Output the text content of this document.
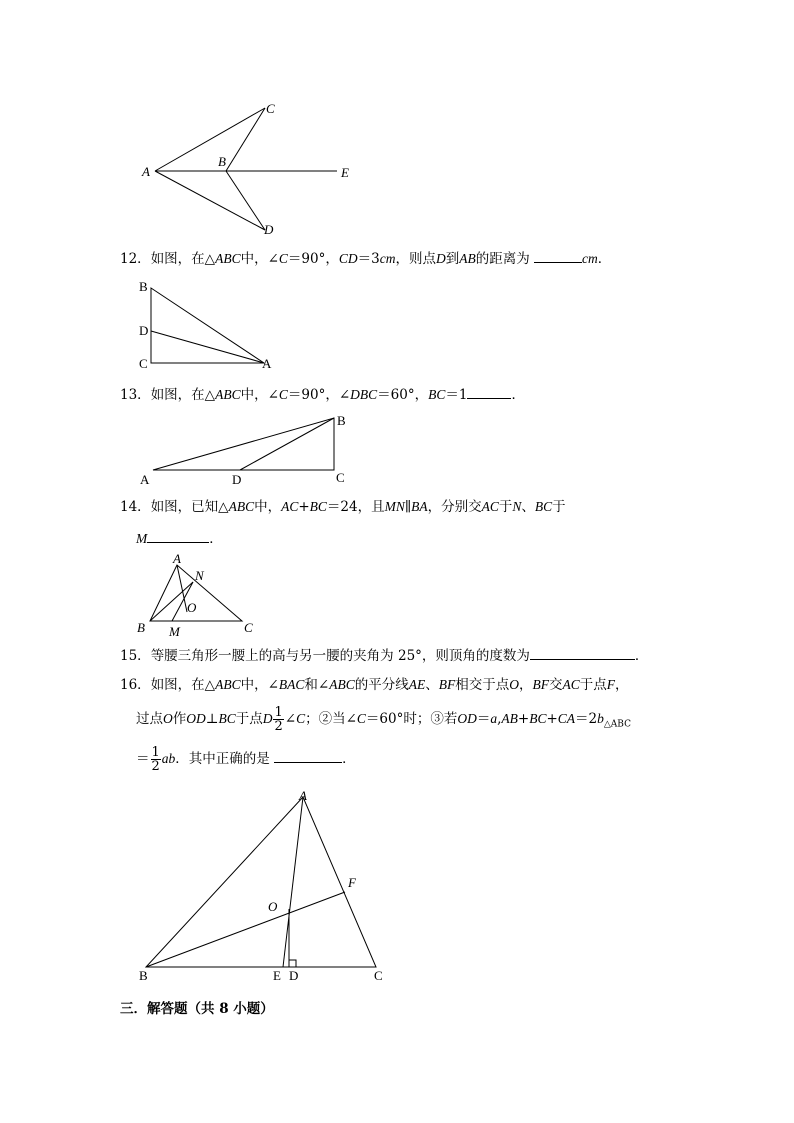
A
B
C
D
E
12．如图，在△ABC中，∠C＝90°，CD＝3cm，则点D到AB的距离为	cm．
B
D
C	A
13．如图，在△ABC中，∠C＝90°，∠DBC＝60°，BC＝1	．
A	D	C
B
14．如图，已知△ABC中，AC+BC＝24，且MN∥BA，分别交AC于N、BC于
M	．
A
N
O
B M	C
15．等腰三角形一腰上的高与另一腰的夹角为 25°，则顶角的度数为	．
16．如图，在△ABC中，∠BAC和∠ABC的平分线AE、BF相交于点O，BF交AC于点F，
过点O作OD⊥BC于点D $\frac{1}{2}$ ∠C；②当∠C＝60°时；③若$OD=a,AB+BC+CA=2b_{\triangle ABC}$
＝ $\frac{1}{2}$ ab．其中正确的是	．
A
F
O
B	E D	C
三．解答题（共 8 小题）
